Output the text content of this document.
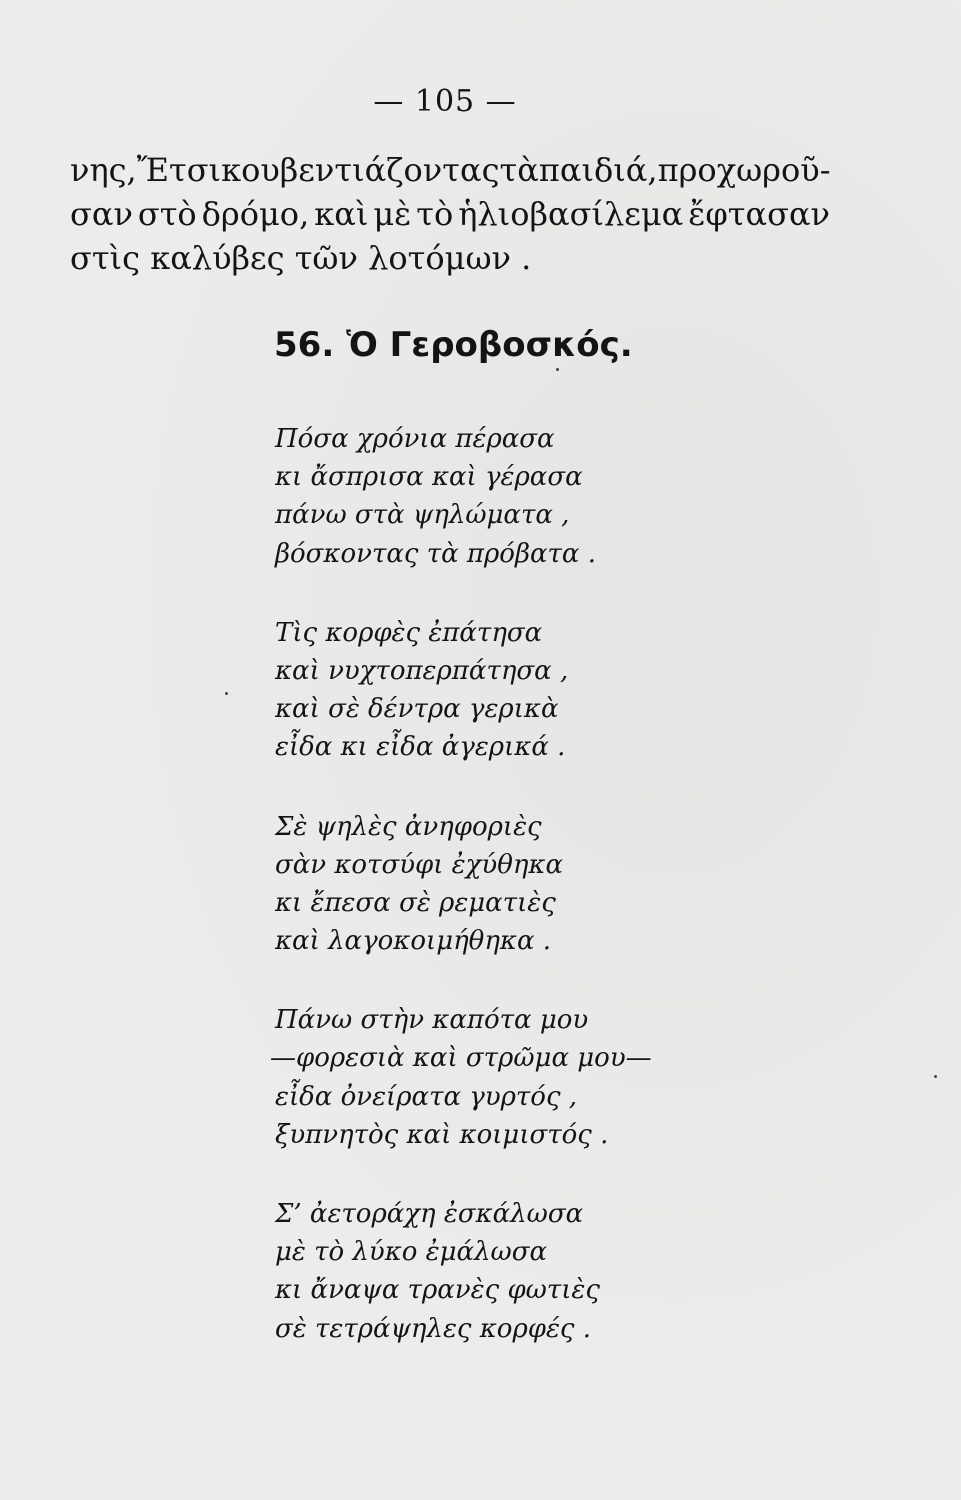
— 105 —
νης, Ἔτσι κουβεντιάζοντας τὰ παιδιά, προχωροῦ-
σαν στὸ δρόμο, καὶ μὲ τὸ ἡλιοβασίλεμα ἔφτασαν
στὶς καλύβες τῶν λοτόμων .
56. Ὁ Γεροβοσκός.
Πόσα χρόνια πέρασα
κι ἄσπρισα καὶ γέρασα
πάνω στὰ ψηλώματα ,
βόσκοντας τὰ πρόβατα .
Τὶς κορφὲς ἐπάτησα
καὶ νυχτοπερπάτησα ,
καὶ σὲ δέντρα γερικὰ
εἶδα κι εἶδα ἀγερικά .
Σὲ ψηλὲς ἀνηφοριὲς
σὰν κοτσύφι ἐχύθηκα
κι ἔπεσα σὲ ρεματιὲς
καὶ λαγοκοιμήθηκα .
Πάνω στὴν καπότα μου
—φορεσιὰ καὶ στρῶμα μου—
εἶδα ὀνείρατα γυρτός ,
ξυπνητὸς καὶ κοιμιστός .
Σ’ ἀετοράχη ἐσκάλωσα
μὲ τὸ λύκο ἐμάλωσα
κι ἄναψα τρανὲς φωτιὲς
σὲ τετράψηλες κορφές .
